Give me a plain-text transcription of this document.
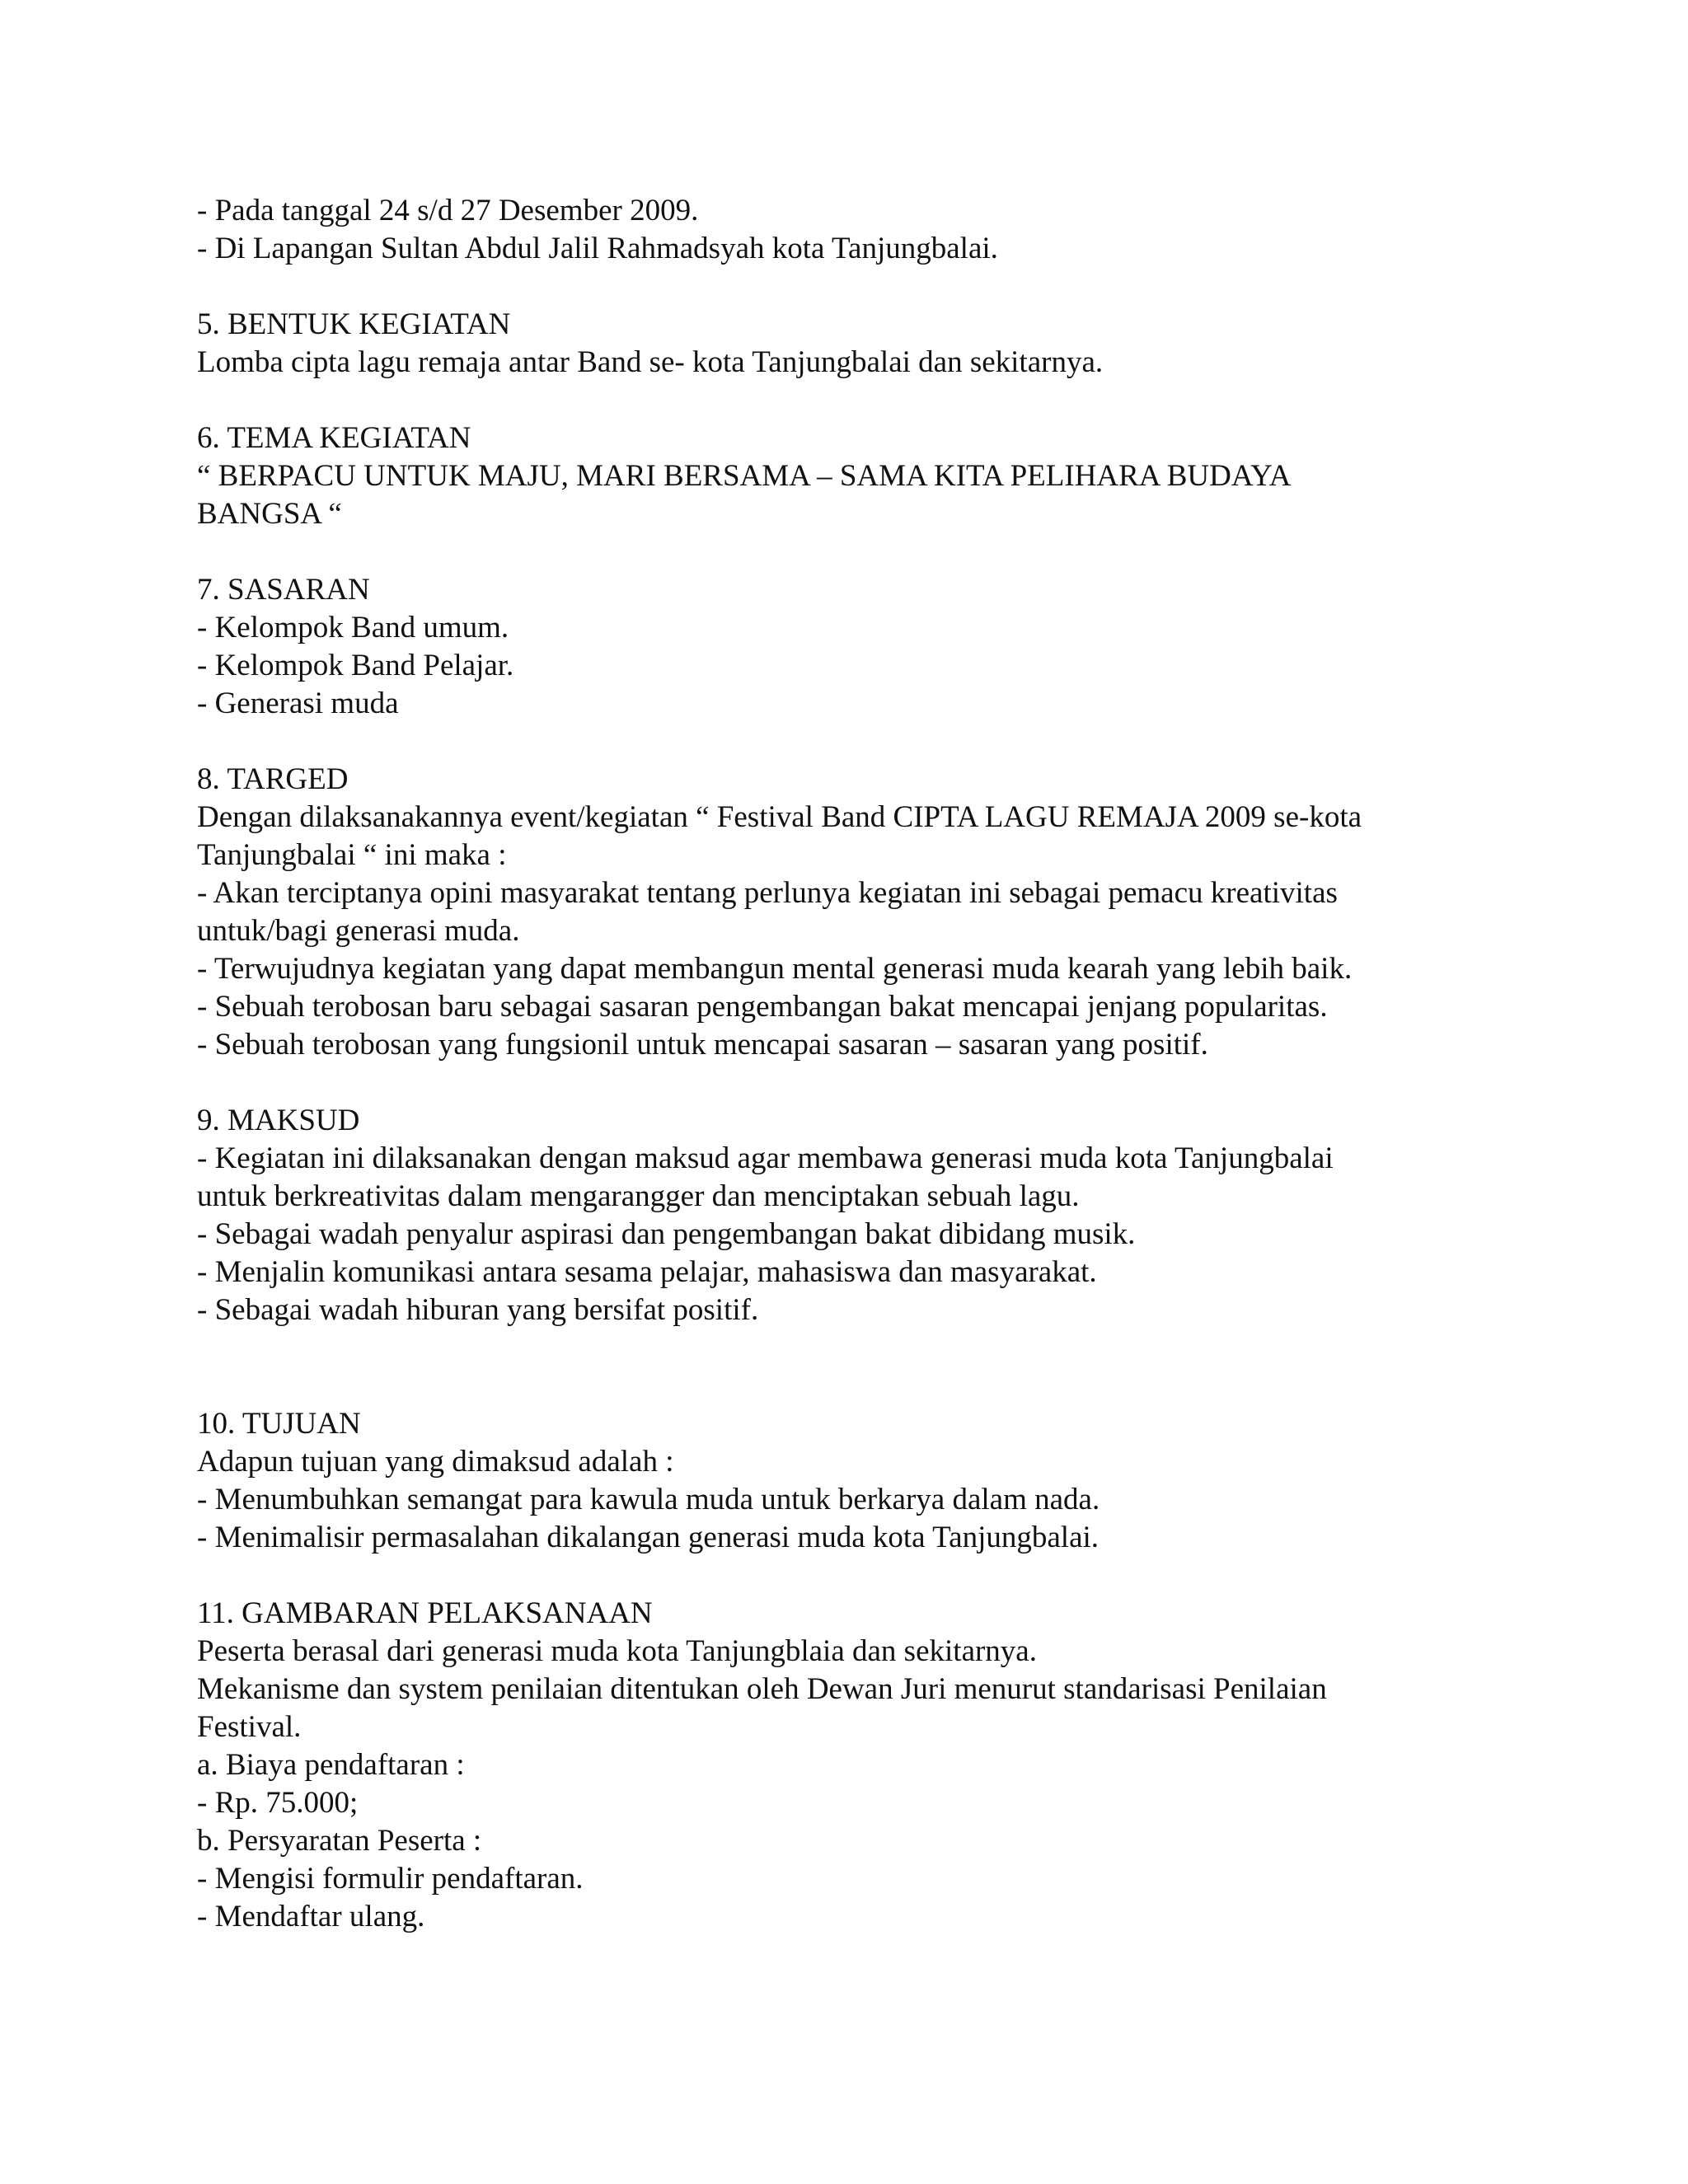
- Pada tanggal 24 s/d 27 Desember 2009.
- Di Lapangan Sultan Abdul Jalil Rahmadsyah kota Tanjungbalai.
5. BENTUK KEGIATAN
Lomba cipta lagu remaja antar Band se- kota Tanjungbalai dan sekitarnya.
6. TEMA KEGIATAN
“ BERPACU UNTUK MAJU, MARI BERSAMA – SAMA KITA PELIHARA BUDAYA
BANGSA “
7. SASARAN
- Kelompok Band umum.
- Kelompok Band Pelajar.
- Generasi muda
8. TARGED
Dengan dilaksanakannya event/kegiatan “ Festival Band CIPTA LAGU REMAJA 2009 se-kota
Tanjungbalai “ ini maka :
- Akan terciptanya opini masyarakat tentang perlunya kegiatan ini sebagai pemacu kreativitas
untuk/bagi generasi muda.
- Terwujudnya kegiatan yang dapat membangun mental generasi muda kearah yang lebih baik.
- Sebuah terobosan baru sebagai sasaran pengembangan bakat mencapai jenjang popularitas.
- Sebuah terobosan yang fungsionil untuk mencapai sasaran – sasaran yang positif.
9. MAKSUD
- Kegiatan ini dilaksanakan dengan maksud agar membawa generasi muda kota Tanjungbalai
untuk berkreativitas dalam mengarangger dan menciptakan sebuah lagu.
- Sebagai wadah penyalur aspirasi dan pengembangan bakat dibidang musik.
- Menjalin komunikasi antara sesama pelajar, mahasiswa dan masyarakat.
- Sebagai wadah hiburan yang bersifat positif.
10. TUJUAN
Adapun tujuan yang dimaksud adalah :
- Menumbuhkan semangat para kawula muda untuk berkarya dalam nada.
- Menimalisir permasalahan dikalangan generasi muda kota Tanjungbalai.
11. GAMBARAN PELAKSANAAN
Peserta berasal dari generasi muda kota Tanjungblaia dan sekitarnya.
Mekanisme dan system penilaian ditentukan oleh Dewan Juri menurut standarisasi Penilaian
Festival.
a. Biaya pendaftaran :
- Rp. 75.000;
b. Persyaratan Peserta :
- Mengisi formulir pendaftaran.
- Mendaftar ulang.
